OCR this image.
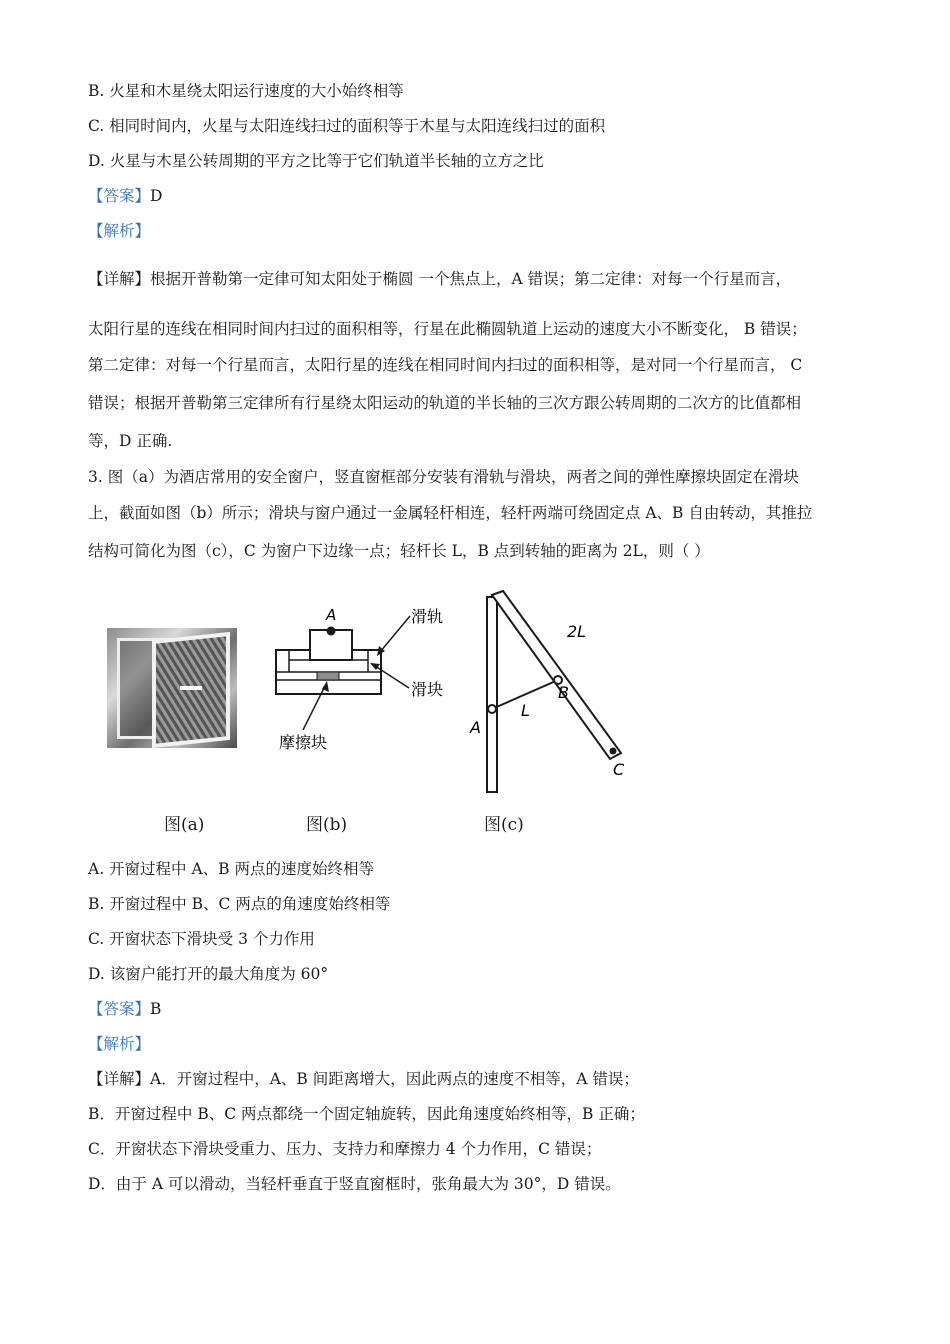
B. 火星和木星绕太阳运行速度的大小始终相等
C. 相同时间内，火星与太阳连线扫过的面积等于木星与太阳连线扫过的面积
D. 火星与木星公转周期的平方之比等于它们轨道半长轴的立方之比
【答案】D
【解析】
【详解】根据开普勒第一定律可知太阳处于椭圆 一个焦点上，A 错误；第二定律：对每一个行星而言，
太阳行星的连线在相同时间内扫过的面积相等，行星在此椭圆轨道上运动的速度大小不断变化， B 错误；
第二定律：对每一个行星而言，太阳行星的连线在相同时间内扫过的面积相等，是对同一个行星而言， C
错误；根据开普勒第三定律所有行星绕太阳运动的轨道的半长轴的三次方跟公转周期的二次方的比值都相
等，D 正确.
3. 图（a）为酒店常用的安全窗户，竖直窗框部分安装有滑轨与滑块，两者之间的弹性摩擦块固定在滑块
上，截面如图（b）所示；滑块与窗户通过一金属轻杆相连，轻杆两端可绕固定点 A、B 自由转动，其推拉
结构可简化为图（c），C 为窗户下边缘一点；轻杆长 L，B 点到转轴的距离为 2L，则（ ）
A	滑轨
滑块
摩擦块
A
B
C
L
2L
图(a)	图(b)	图(c)
A. 开窗过程中 A、B 两点的速度始终相等
B. 开窗过程中 B、C 两点的角速度始终相等
C. 开窗状态下滑块受 3 个力作用
D. 该窗户能打开的最大角度为 60°
【答案】B
【解析】
【详解】A．开窗过程中，A、B 间距离增大，因此两点的速度不相等，A 错误；
B．开窗过程中 B、C 两点都绕一个固定轴旋转，因此角速度始终相等，B 正确；
C．开窗状态下滑块受重力、压力、支持力和摩擦力 4 个力作用，C 错误；
D．由于 A 可以滑动，当轻杆垂直于竖直窗框时，张角最大为 30°，D 错误。
